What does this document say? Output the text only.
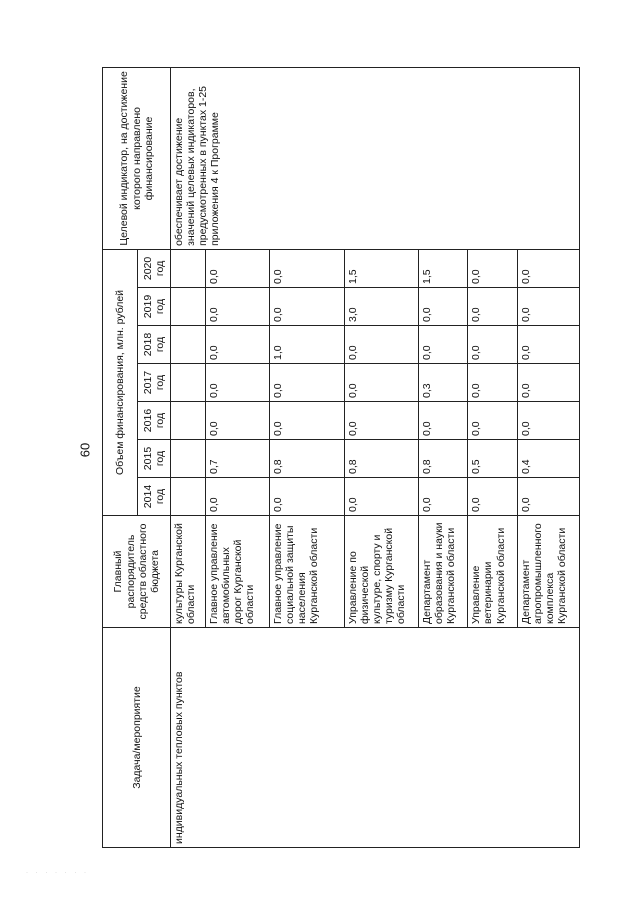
60
· · · · · · ·
Задача/мероприятие	Главный распорядитель средств областного бюджета	Объем финансирования, млн. рублей							Целевой индикатор, на достижение которого направлено финансирование
		2014 год	2015 год	2016 год	2017 год	2018 год	2019 год	2020 год	
индивидуальных тепловых пунктов	культуры Курганской области								обеспечивает достижение значений целевых индикаторов, предусмотренных в пунктах 1-25 приложения 4 к Программе
	Главное управление автомобильных дорог Курганской области	0,0	0,7	0,0	0,0	0,0	0,0	0,0	
	Главное управление социальной защиты населения Курганской области	0,0	0,8	0,0	0,0	1,0	0,0	0,0	
	Управление по физической культуре, спорту и туризму Курганской области	0,0	0,8	0,0	0,0	0,0	3,0	1,5	
	Департамент образования и науки Курганской области	0,0	0,8	0,0	0,3	0,0	0,0	1,5	
	Управление ветеринарии Курганской области	0,0	0,5	0,0	0,0	0,0	0,0	0,0	
	Департамент агропромышленного комплекса Курганской области	0,0	0,4	0,0	0,0	0,0	0,0	0,0	
